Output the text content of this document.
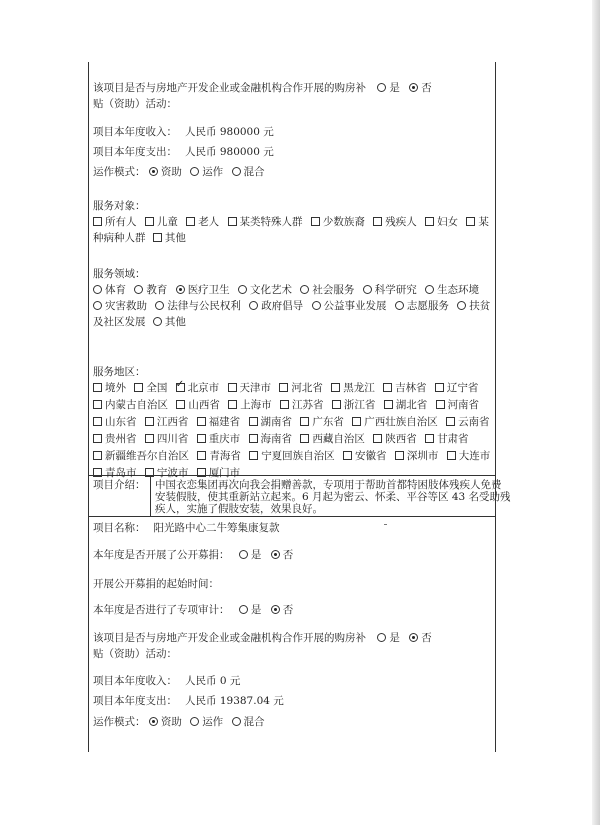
该项目是否与房地产开发企业或金融机构合作开展的购房补 是 否
贴（资助）活动：
项目本年度收入： 人民币 980000 元
项目本年度支出： 人民币 980000 元
运作模式： 资助 运作 混合
服务对象：
所有人 儿童 老人 某类特殊人群 少数族裔 残疾人 妇女 某
种病种人群 其他
服务领域：
体育 教育 医疗卫生 文化艺术 社会服务 科学研究 生态环境
灾害救助 法律与公民权利 政府倡导 公益事业发展 志愿服务 扶贫
及社区发展 其他
服务地区：
境外 全国 ✓ 北京市 天津市 河北省 黑龙江 吉林省 辽宁省
内蒙古自治区 山西省 上海市 江苏省 浙江省 湖北省 河南省
山东省 江西省 福建省 湖南省 广东省 广西壮族自治区 云南省
贵州省 四川省 重庆市 海南省 西藏自治区 陕西省 甘肃省
新疆维吾尔自治区 青海省 宁夏回族自治区 安徽省 深圳市 大连市
青岛市 宁波市 厦门市
项目介绍： 中国衣恋集团再次向我会捐赠善款，专项用于帮助首都特困肢体残疾人免费
安装假肢，使其重新站立起来。6 月起为密云、怀柔、平谷等区 43 名受助残
疾人，实施了假肢安装，效果良好。
项目名称： 阳光路中心二牛筹集康复款
本年度是否开展了公开募捐： 是 否
开展公开募捐的起始时间：
本年度是否进行了专项审计： 是 否
该项目是否与房地产开发企业或金融机构合作开展的购房补 是 否
贴（资助）活动：
项目本年度收入： 人民币 0 元
项目本年度支出： 人民币 19387.04 元
运作模式： 资助 运作 混合
